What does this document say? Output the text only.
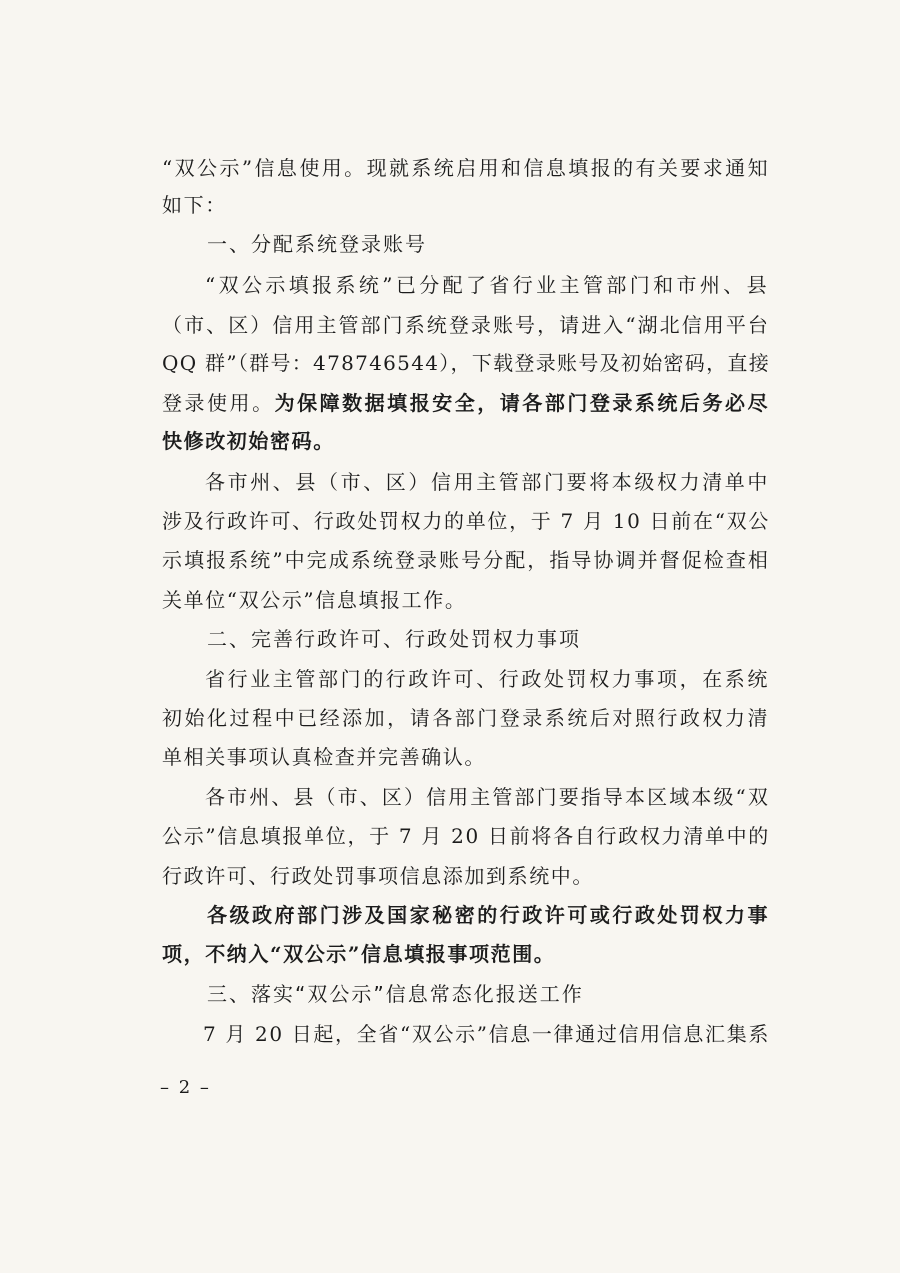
“双公示”信息使用。现就系统启用和信息填报的有关要求通知
如下：
一、分配系统登录账号
“双公示填报系统”已分配了省行业主管部门和市州、县
（市、区）信用主管部门系统登录账号，请进入“湖北信用平台
QQ 群”（群号：478746544），下载登录账号及初始密码，直接
登录使用。为保障数据填报安全，请各部门登录系统后务必尽
快修改初始密码。
各市州、县（市、区）信用主管部门要将本级权力清单中
涉及行政许可、行政处罚权力的单位，于 7 月 10 日前在“双公
示填报系统”中完成系统登录账号分配，指导协调并督促检查相
关单位“双公示”信息填报工作。
二、完善行政许可、行政处罚权力事项
省行业主管部门的行政许可、行政处罚权力事项，在系统
初始化过程中已经添加，请各部门登录系统后对照行政权力清
单相关事项认真检查并完善确认。
各市州、县（市、区）信用主管部门要指导本区域本级“双
公示”信息填报单位，于 7 月 20 日前将各自行政权力清单中的
行政许可、行政处罚事项信息添加到系统中。
各级政府部门涉及国家秘密的行政许可或行政处罚权力事
项，不纳入“双公示”信息填报事项范围。
三、落实“双公示”信息常态化报送工作
7 月 20 日起，全省“双公示”信息一律通过信用信息汇集系
– 2 –
